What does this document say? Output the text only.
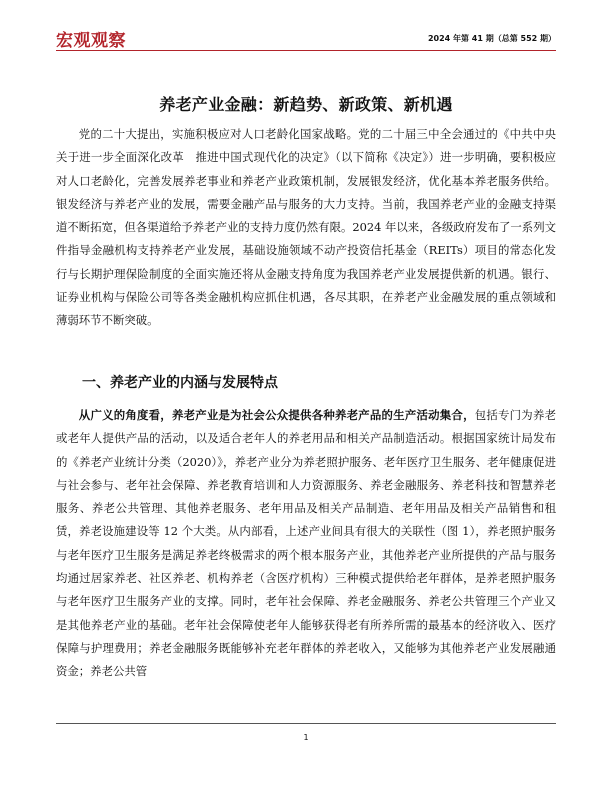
宏观观察	2024 年第 41 期（总第 552 期）
养老产业金融：新趋势、新政策、新机遇

党的二十大提出，实施积极应对人口老龄化国家战略。党的二十届三中全会通过的《中共中央关于进一步全面深化改革　推进中国式现代化的决定》（以下简称《决定》）进一步明确，要积极应对人口老龄化，完善发展养老事业和养老产业政策机制，发展银发经济，优化基本养老服务供给。银发经济与养老产业的发展，需要金融产品与服务的大力支持。当前，我国养老产业的金融支持渠道不断拓宽，但各渠道给予养老产业的支持力度仍然有限。2024 年以来，各级政府发布了一系列文件指导金融机构支持养老产业发展，基础设施领域不动产投资信托基金（REITs）项目的常态化发行与长期护理保险制度的全面实施还将从金融支持角度为我国养老产业发展提供新的机遇。银行、证券业机构与保险公司等各类金融机构应抓住机遇，各尽其职，在养老产业金融发展的重点领域和薄弱环节不断突破。

一、养老产业的内涵与发展特点

从广义的角度看，养老产业是为社会公众提供各种养老产品的生产活动集合，包括专门为养老或老年人提供产品的活动，以及适合老年人的养老用品和相关产品制造活动。根据国家统计局发布的《养老产业统计分类（2020）》，养老产业分为养老照护服务、老年医疗卫生服务、老年健康促进与社会参与、老年社会保障、养老教育培训和人力资源服务、养老金融服务、养老科技和智慧养老服务、养老公共管理、其他养老服务、老年用品及相关产品制造、老年用品及相关产品销售和租赁，养老设施建设等 12 个大类。从内部看，上述产业间具有很大的关联性（图 1），养老照护服务与老年医疗卫生服务是满足养老终极需求的两个根本服务产业，其他养老产业所提供的产品与服务均通过居家养老、社区养老、机构养老（含医疗机构）三种模式提供给老年群体，是养老照护服务与老年医疗卫生服务产业的支撑。同时，老年社会保障、养老金融服务、养老公共管理三个产业又是其他养老产业的基础。老年社会保障使老年人能够获得老有所养所需的最基本的经济收入、医疗保障与护理费用；养老金融服务既能够补充老年群体的养老收入，又能够为其他养老产业发展融通资金；养老公共管

1
